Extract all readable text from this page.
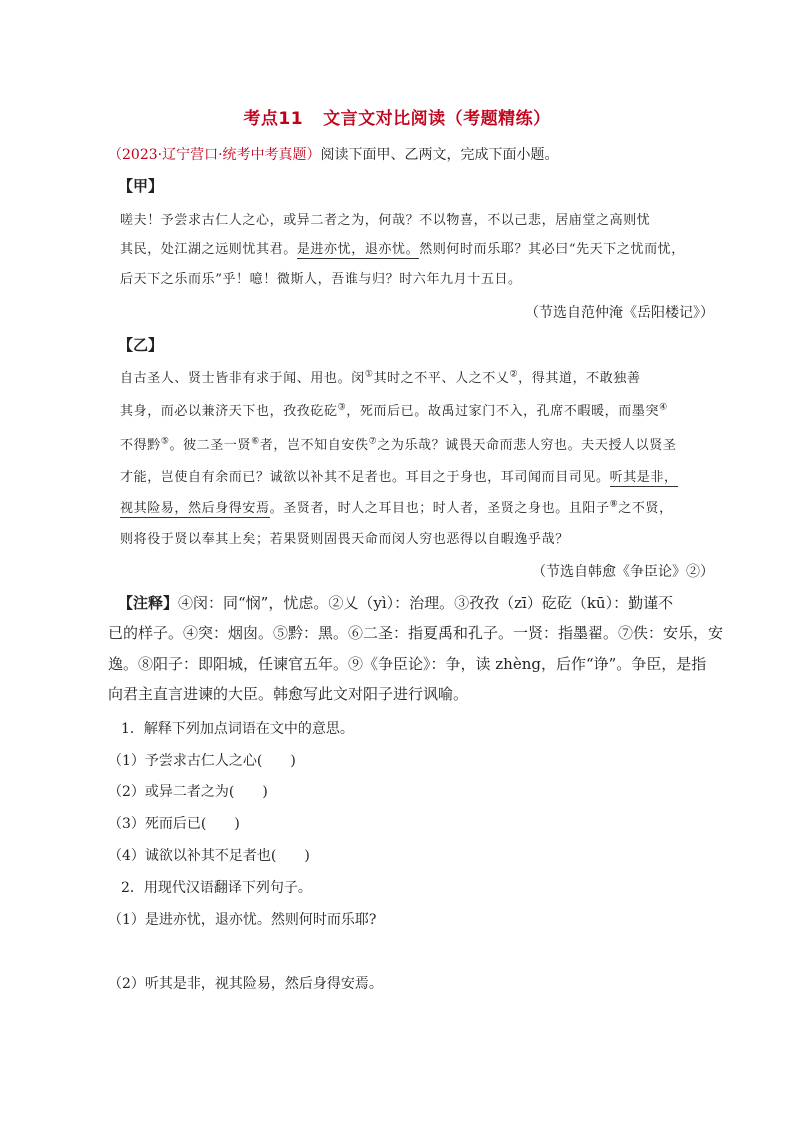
考点11 文言文对比阅读（考题精练）
（2023·辽宁营口·统考中考真题）阅读下面甲、乙两文，完成下面小题。
【甲】
嗟夫！予尝求古仁人之心，或异二者之为，何哉？不以物喜，不以己悲，居庙堂之高则忧
其民，处江湖之远则忧其君。是进亦忧，退亦忧。然则何时而乐耶？其必曰“先天下之忧而忧，
后天下之乐而乐”乎！噫！微斯人，吾谁与归？时六年九月十五日。
（节选自范仲淹《岳阳楼记》）
【乙】
自古圣人、贤士皆非有求于闻、用也。闵①其时之不平、人之不乂②，得其道，不敢独善
其身，而必以兼济天下也，孜孜矻矻③，死而后已。故禹过家门不入，孔席不暇暖，而墨突④
不得黔⑤。彼二圣一贤⑥者，岂不知自安佚⑦之为乐哉？诚畏天命而悲人穷也。夫天授人以贤圣
才能，岂使自有余而已？诚欲以补其不足者也。耳目之于身也，耳司闻而目司见。听其是非，
视其险易，然后身得安焉。圣贤者，时人之耳目也；时人者，圣贤之身也。且阳子⑧之不贤，
则将役于贤以奉其上矣；若果贤则固畏天命而闵人穷也恶得以自暇逸乎哉？
（节选自韩愈《争臣论》②）
【注释】④闵：同“悯”，忧虑。②乂（yì）：治理。③孜孜（zī）矻矻（kū）：勤谨不
已的样子。④突：烟囱。⑤黔：黑。⑥二圣：指夏禹和孔子。一贤：指墨翟。⑦佚：安乐，安
逸。⑧阳子：即阳城，任谏官五年。⑨《争臣论》：争，读 zhèng，后作“诤”。争臣，是指
向君主直言进谏的大臣。韩愈写此文对阳子进行讽喻。
1．解释下列加点词语在文中的意思。
（1）予尝求古仁人之心(　　)
（2）或异二者之为(　　)
（3）死而后已(　　)
（4）诚欲以补其不足者也(　　)
2．用现代汉语翻译下列句子。
（1）是进亦忧，退亦忧。然则何时而乐耶?
（2）听其是非，视其险易，然后身得安焉。
